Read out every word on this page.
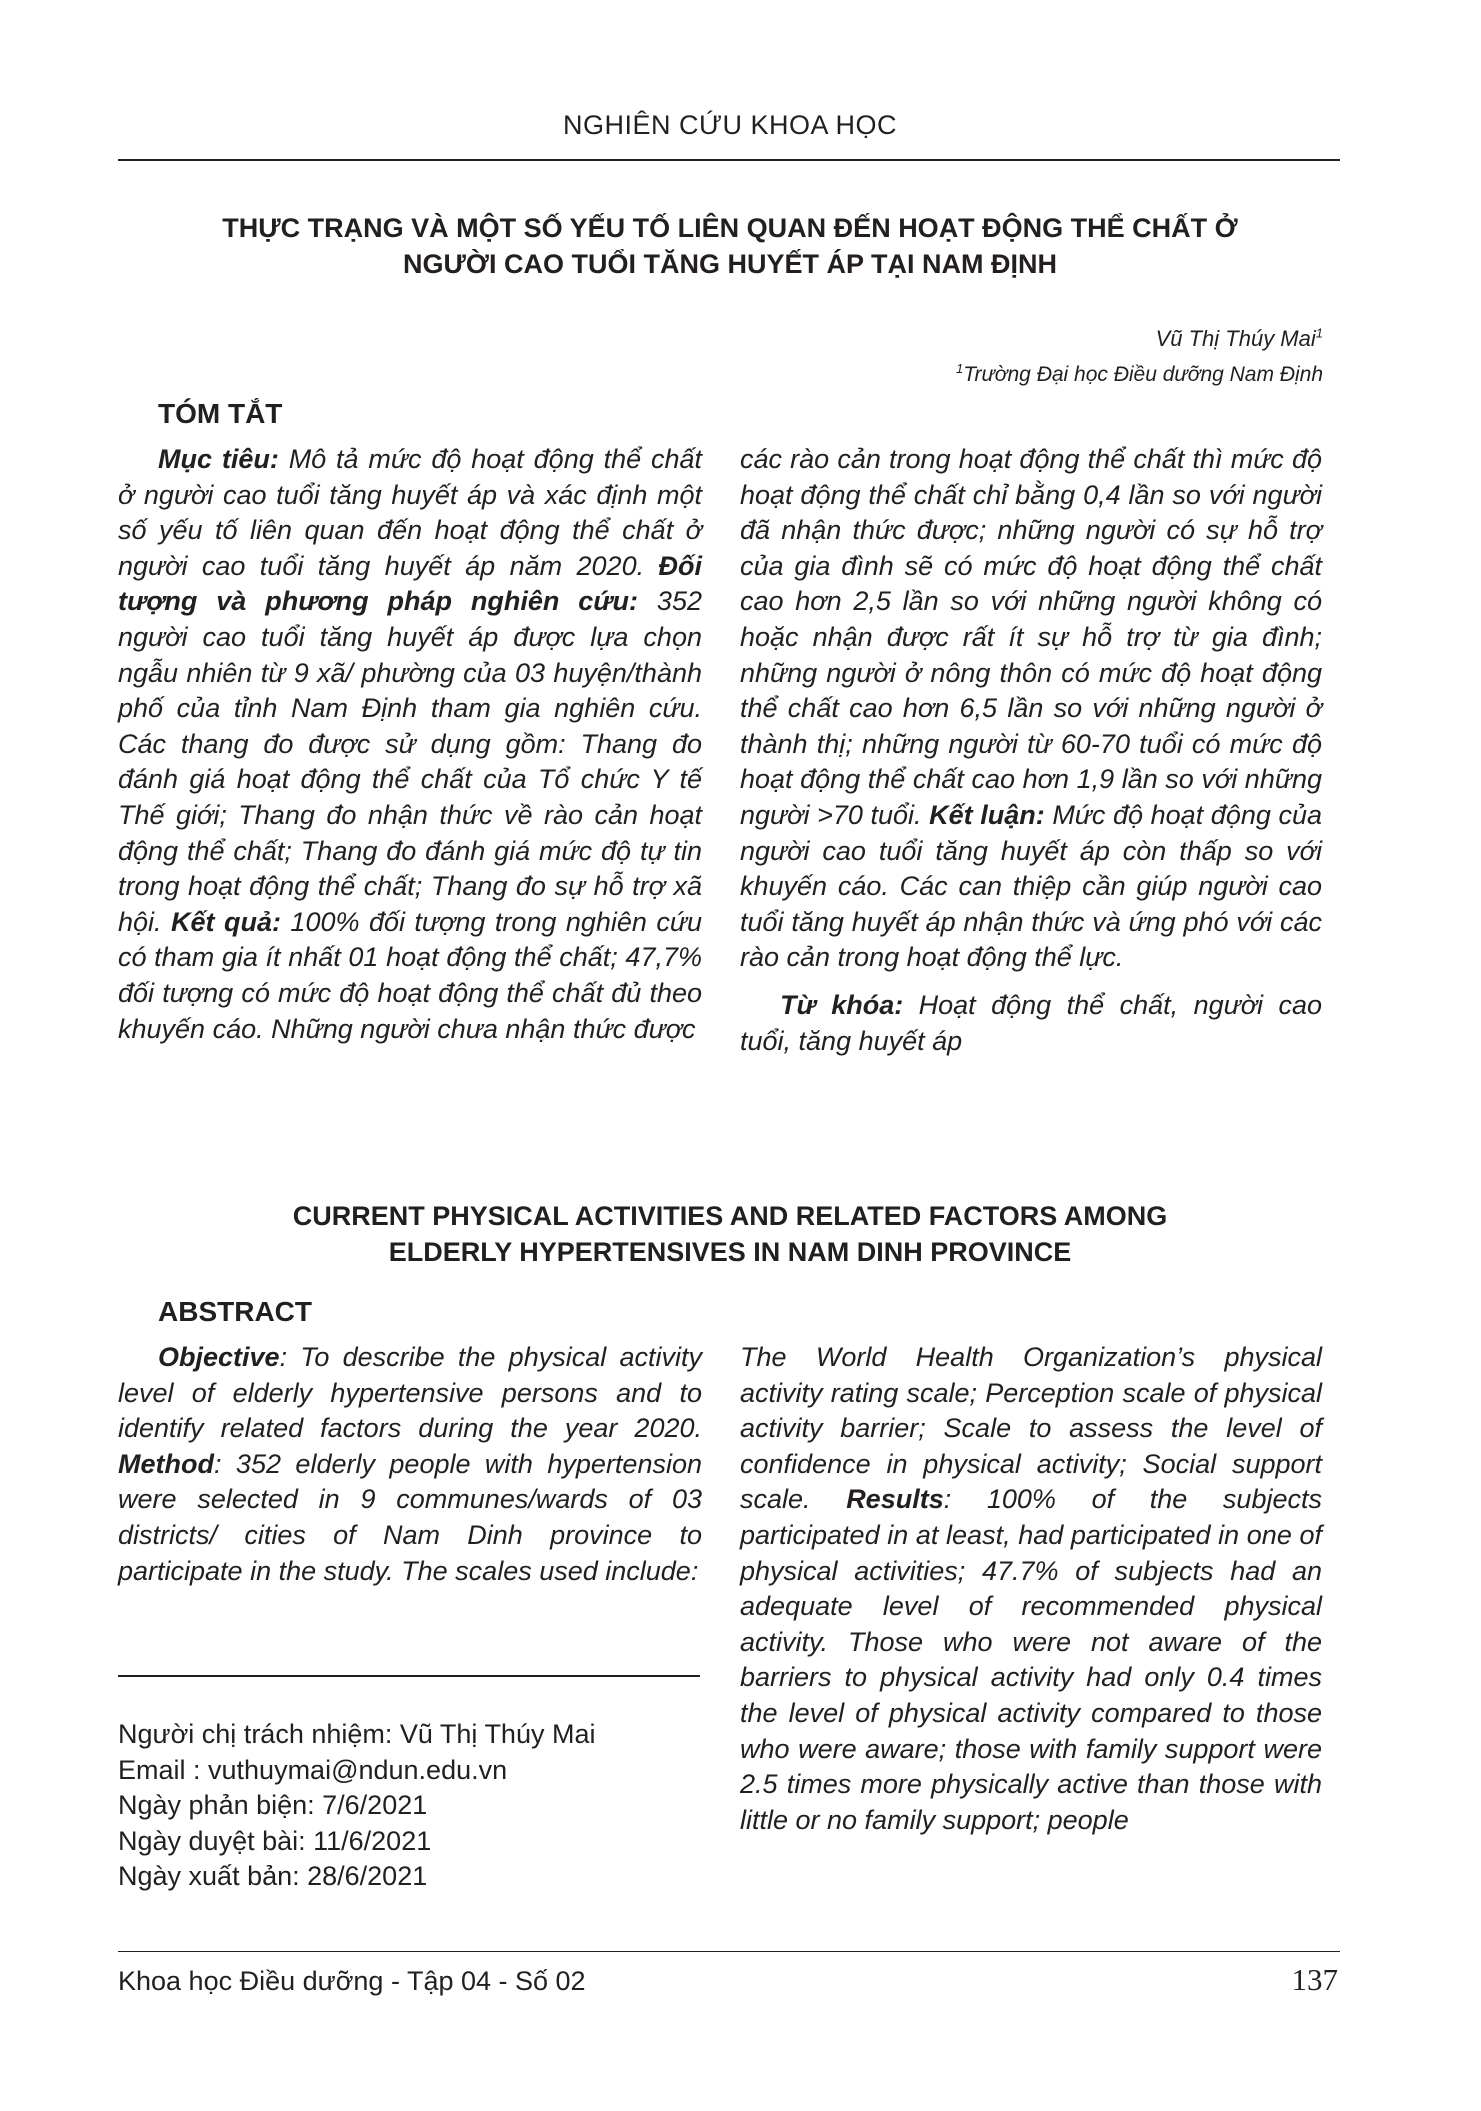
NGHIÊN CỨU KHOA HỌC
THỰC TRẠNG VÀ MỘT SỐ YẾU TỐ LIÊN QUAN ĐẾN HOẠT ĐỘNG THỂ CHẤT Ở
NGƯỜI CAO TUỔI TĂNG HUYẾT ÁP TẠI NAM ĐỊNH
Vũ Thị Thúy Mai$^1$
$^1$Trường Đại học Điều dưỡng Nam Định
TÓM TẮT

Mục tiêu: Mô tả mức độ hoạt động thể chất ở người cao tuổi tăng huyết áp và xác định một số yếu tố liên quan đến hoạt động thể chất ở người cao tuổi tăng huyết áp năm 2020. Đối tượng và phương pháp nghiên cứu: 352 người cao tuổi tăng huyết áp được lựa chọn ngẫu nhiên từ 9 xã/ phường của 03 huyện/thành phố của tỉnh Nam Định tham gia nghiên cứu. Các thang đo được sử dụng gồm: Thang đo đánh giá hoạt động thể chất của Tổ chức Y tế Thế giới; Thang đo nhận thức về rào cản hoạt động thể chất; Thang đo đánh giá mức độ tự tin trong hoạt động thể chất; Thang đo sự hỗ trợ xã hội. Kết quả: 100% đối tượng trong nghiên cứu có tham gia ít nhất 01 hoạt động thể chất; 47,7% đối tượng có mức độ hoạt động thể chất đủ theo khuyến cáo. Những người chưa nhận thức được

các rào cản trong hoạt động thể chất thì mức độ hoạt động thể chất chỉ bằng 0,4 lần so với người đã nhận thức được; những người có sự hỗ trợ của gia đình sẽ có mức độ hoạt động thể chất cao hơn 2,5 lần so với những người không có hoặc nhận được rất ít sự hỗ trợ từ gia đình; những người ở nông thôn có mức độ hoạt động thể chất cao hơn 6,5 lần so với những người ở thành thị; những người từ 60-70 tuổi có mức độ hoạt động thể chất cao hơn 1,9 lần so với những người >70 tuổi. Kết luận: Mức độ hoạt động của người cao tuổi tăng huyết áp còn thấp so với khuyến cáo. Các can thiệp cần giúp người cao tuổi tăng huyết áp nhận thức và ứng phó với các rào cản trong hoạt động thể lực.

Từ khóa: Hoạt động thể chất, người cao tuổi, tăng huyết áp

CURRENT PHYSICAL ACTIVITIES AND RELATED FACTORS AMONG
ELDERLY HYPERTENSIVES IN NAM DINH PROVINCE
ABSTRACT

Objective: To describe the physical activity level of elderly hypertensive persons and to identify related factors during the year 2020. Method: 352 elderly people with hypertension were selected in 9 communes/wards of 03 districts/ cities of Nam Dinh province to participate in the study. The scales used include:

The World Health Organization’s physical activity rating scale; Perception scale of physical activity barrier; Scale to assess the level of confidence in physical activity; Social support scale. Results: 100% of the subjects participated in at least, had participated in one of physical activities; 47.7% of subjects had an adequate level of recommended physical activity. Those who were not aware of the barriers to physical activity had only 0.4 times the level of physical activity compared to those who were aware; those with family support were 2.5 times more physically active than those with little or no family support; people

Người chị trách nhiệm: Vũ Thị Thúy Mai
Email : vuthuymai@ndun.edu.vn
Ngày phản biện: 7/6/2021
Ngày duyệt bài: 11/6/2021
Ngày xuất bản: 28/6/2021
Khoa học Điều dưỡng - Tập 04 - Số 02	137
